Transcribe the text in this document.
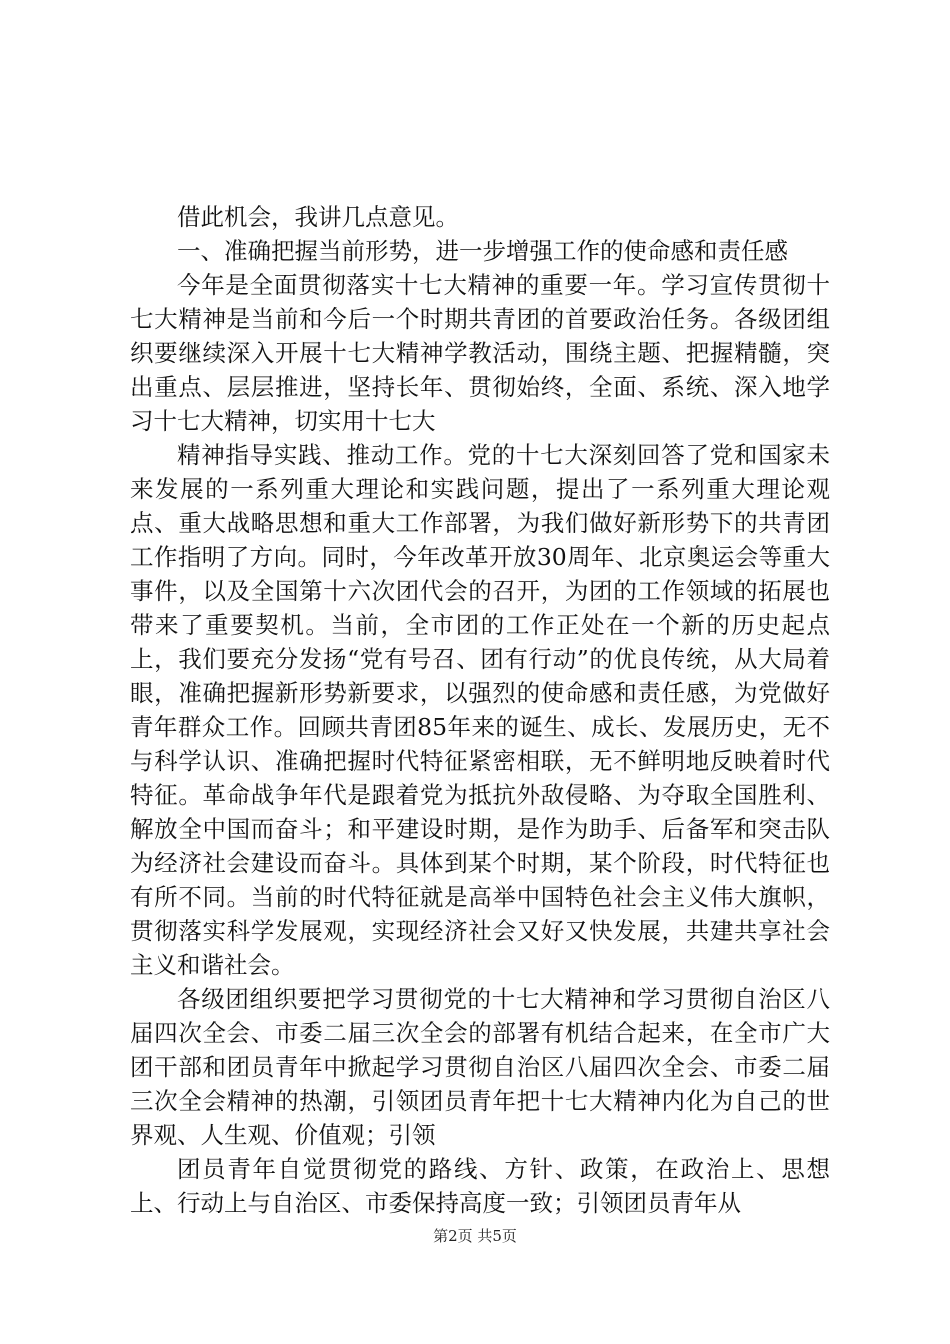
借此机会，我讲几点意见。

一、准确把握当前形势，进一步增强工作的使命感和责任感

今年是全面贯彻落实十七大精神的重要一年。学习宣传贯彻十七大精神是当前和今后一个时期共青团的首要政治任务。各级团组织要继续深入开展十七大精神学教活动，围绕主题、把握精髓，突出重点、层层推进，坚持长年、贯彻始终，全面、系统、深入地学习十七大精神，切实用十七大

精神指导实践、推动工作。党的十七大深刻回答了党和国家未来发展的一系列重大理论和实践问题，提出了一系列重大理论观点、重大战略思想和重大工作部署，为我们做好新形势下的共青团工作指明了方向。同时，今年改革开放30周年、北京奥运会等重大事件，以及全国第十六次团代会的召开，为团的工作领域的拓展也带来了重要契机。当前，全市团的工作正处在一个新的历史起点上，我们要充分发扬“党有号召、团有行动”的优良传统，从大局着眼，准确把握新形势新要求，以强烈的使命感和责任感，为党做好青年群众工作。回顾共青团85年来的诞生、成长、发展历史，无不与科学认识、准确把握时代特征紧密相联，无不鲜明地反映着时代特征。革命战争年代是跟着党为抵抗外敌侵略、为夺取全国胜利、解放全中国而奋斗；和平建设时期，是作为助手、后备军和突击队为经济社会建设而奋斗。具体到某个时期，某个阶段，时代特征也有所不同。当前的时代特征就是高举中国特色社会主义伟大旗帜，贯彻落实科学发展观，实现经济社会又好又快发展，共建共享社会主义和谐社会。

各级团组织要把学习贯彻党的十七大精神和学习贯彻自治区八届四次全会、市委二届三次全会的部署有机结合起来，在全市广大团干部和团员青年中掀起学习贯彻自治区八届四次全会、市委二届三次全会精神的热潮，引领团员青年把十七大精神内化为自己的世界观、人生观、价值观；引领

团员青年自觉贯彻党的路线、方针、政策，在政治上、思想上、行动上与自治区、市委保持高度一致；引领团员青年从

第2页 共5页
